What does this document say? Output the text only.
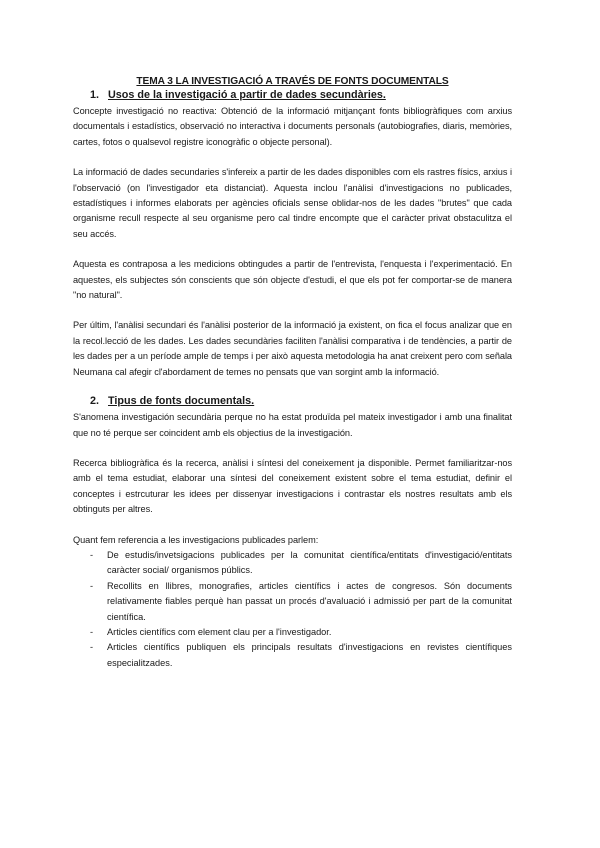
TEMA 3 LA INVESTIGACIÓ A TRAVÉS DE FONTS DOCUMENTALS
1. Usos de la investigació a partir de dades secundàries.

Concepte investigació no reactiva: Obtenció de la informació mitjançant fonts bibliogràfiques com arxius documentals i estadístics, observació no interactiva i documents personals (autobiografies, diaris, memòries, cartes, fotos o qualsevol registre iconogràfic o objecte personal).

La informació de dades secundaries s'infereix a partir de les dades disponibles com els rastres físics, arxius i l'observació (on l'investigador eta distanciat). Aquesta inclou l'anàlisi d'investigacions no publicades, estadístiques i informes elaborats per agències oficials sense oblidar-nos de les dades "brutes" que cada organisme recull respecte al seu organisme pero cal tindre encompte que el caràcter privat obstaculitza el seu accés.

Aquesta es contraposa a les medicions obtingudes a partir de l'entrevista, l'enquesta i l'experimentació. En aquestes, els subjectes són conscients que són objecte d'estudi, el que els pot fer comportar-se de manera "no natural".

Per últim, l'anàlisi secundari és l'anàlisi posterior de la informació ja existent, on fica el focus analizar que en la recol.lecció de les dades. Les dades secundàries faciliten l'anàlisi comparativa i de tendències, a partir de les dades per a un període ample de temps i per això aquesta metodologia ha anat creixent pero com señala Neumana cal afegir cl'abordament de temes no pensats que van sorgint amb la informació.

2. Tipus de fonts documentals.

S'anomena investigación secundària perque no ha estat produïda pel mateix investigador i amb una finalitat que no té perque ser coincident amb els objectius de la investigación.

Recerca bibliogràfica és la recerca, anàlisi i síntesi del coneixement ja disponible. Permet familiaritzar-nos amb el tema estudiat, elaborar una síntesi del coneixement existent sobre el tema estudiat, definir el conceptes i estrcuturar les idees per dissenyar investigacions i contrastar els nostres resultats amb els obtinguts per altres.

Quant fem referencia a les investigacions publicades parlem:

- De estudis/invetsigacions publicades per la comunitat científica/entitats d'investigació/entitats caràcter social/ organismos públics.
- Recollits en llibres, monografies, articles científics i actes de congresos. Són documents relativamente fiables perquè han passat un procés d'avaluació i admissió per part de la comunitat científica.
- Articles científics com element clau per a l'investigador.
- Articles científics publiquen els principals resultats d'investigacions en revistes científiques especialitzades.
